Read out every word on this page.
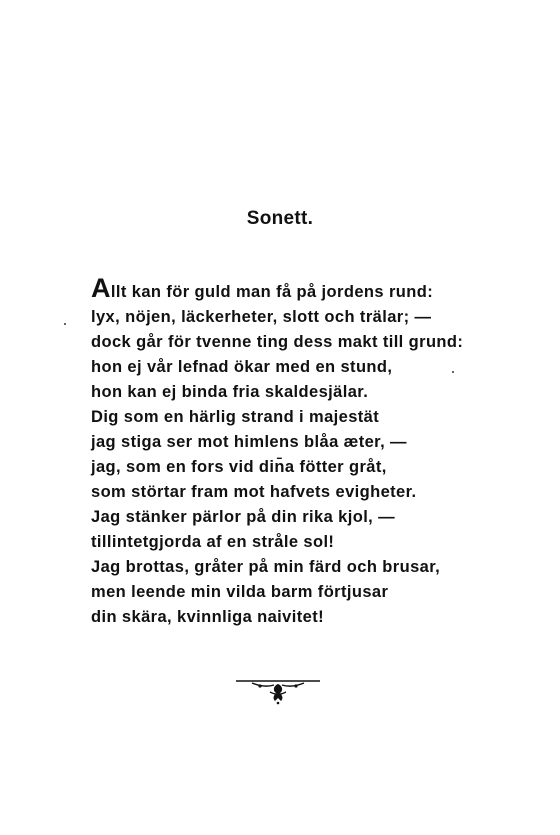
Sonett.
Allt kan för guld man få på jordens rund:
lyx, nöjen, läckerheter, slott och trälar; —
dock går för tvenne ting dess makt till grund:
hon ej vår lefnad ökar med en stund,
hon kan ej binda fria skaldesjälar.
Dig som en härlig strand i majestät
jag stiga ser mot himlens blåa æter, —
jag, som en fors vid din̄a fötter gråt,
som störtar fram mot hafvets evigheter.
Jag stänker pärlor på din rika kjol, —
tillintetgjorda af en stråle sol!
Jag brottas, gråter på min färd och brusar,
men leende min vilda barm förtjusar
din skära, kvinnliga naivitet!
